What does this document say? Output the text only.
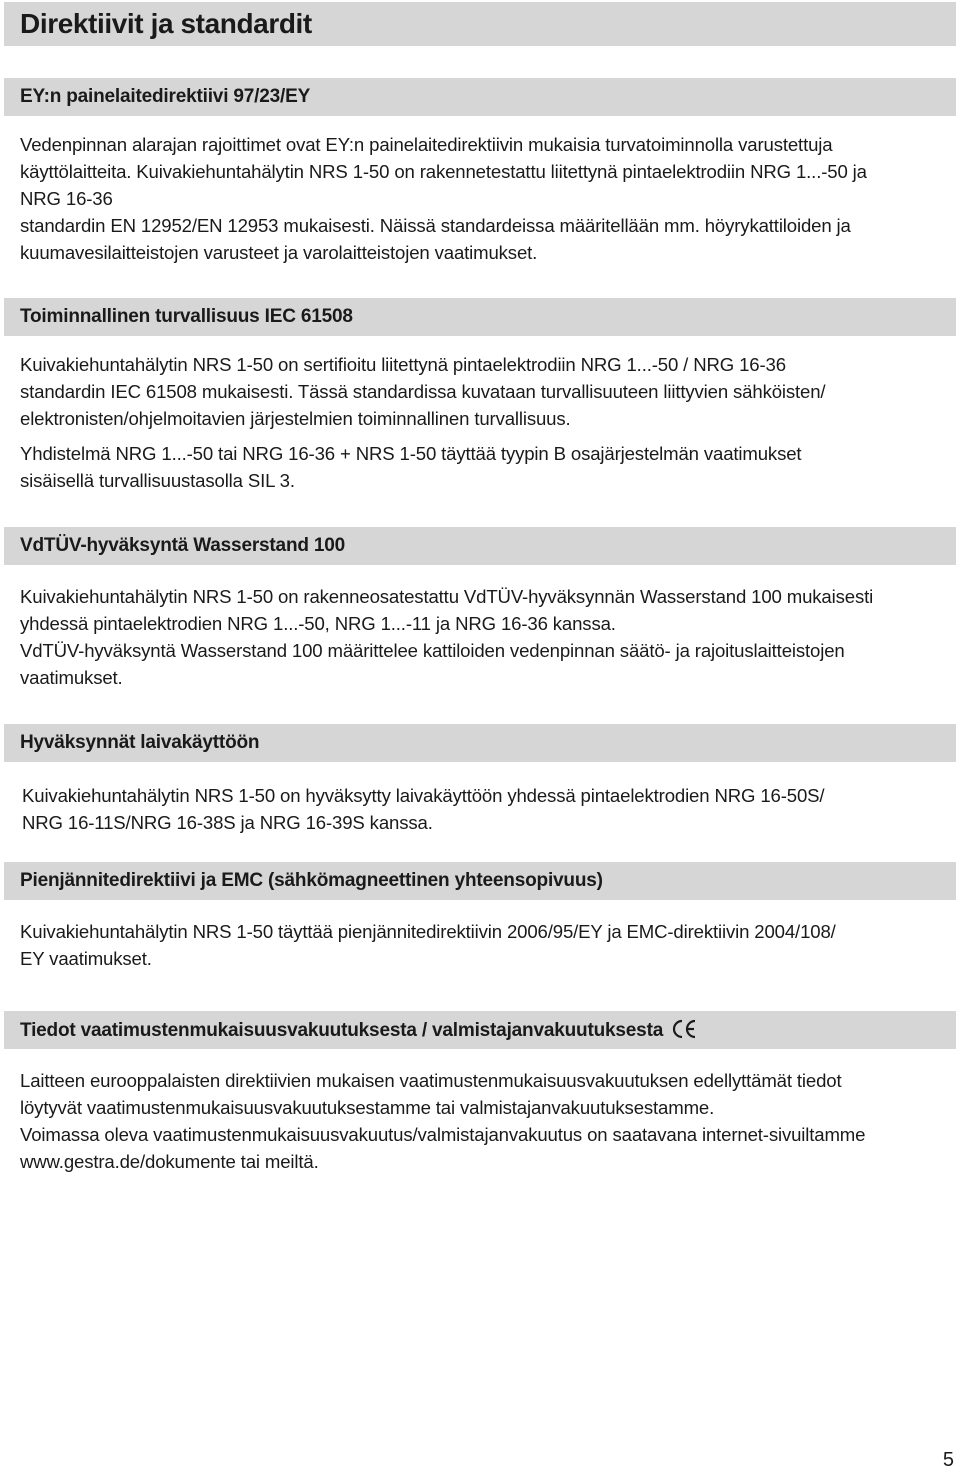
Direktiivit ja standardit
EY:n painelaitedirektiivi 97/23/EY
Vedenpinnan alarajan rajoittimet ovat EY:n painelaitedirektiivin mukaisia turvatoiminnolla varustettuja
käyttölaitteita. Kuivakiehuntahälytin NRS 1-50 on rakennetestattu liitettynä pintaelektrodiin NRG 1...-50 ja
NRG 16-36
standardin EN 12952/EN 12953 mukaisesti. Näissä standardeissa määritellään mm. höyrykattiloiden ja
kuumavesilaitteistojen varusteet ja varolaitteistojen vaatimukset.
Toiminnallinen turvallisuus IEC 61508
Kuivakiehuntahälytin NRS 1-50 on sertifioitu liitettynä pintaelektrodiin NRG 1...-50 / NRG 16-36
standardin IEC 61508 mukaisesti. Tässä standardissa kuvataan turvallisuuteen liittyvien sähköisten/
elektronisten/ohjelmoitavien järjestelmien toiminnallinen turvallisuus.
Yhdistelmä NRG 1...-50 tai NRG 16-36 + NRS 1-50 täyttää tyypin B osajärjestelmän vaatimukset
sisäisellä turvallisuustasolla SIL 3.
VdTÜV-hyväksyntä Wasserstand 100
Kuivakiehuntahälytin NRS 1-50 on rakenneosatestattu VdTÜV-hyväksynnän Wasserstand 100 mukaisesti
yhdessä pintaelektrodien NRG 1...-50, NRG 1...-11 ja NRG 16-36 kanssa.
VdTÜV-hyväksyntä Wasserstand 100 määrittelee kattiloiden vedenpinnan säätö- ja rajoituslaitteistojen
vaatimukset.
Hyväksynnät laivakäyttöön
Kuivakiehuntahälytin NRS 1-50 on hyväksytty laivakäyttöön yhdessä pintaelektrodien NRG 16-50S/
NRG 16-11S/NRG 16-38S ja NRG 16-39S kanssa.
Pienjännitedirektiivi ja EMC (sähkömagneettinen yhteensopivuus)
Kuivakiehuntahälytin NRS 1-50 täyttää pienjännitedirektiivin 2006/95/EY ja EMC-direktiivin 2004/108/
EY vaatimukset.
Tiedot vaatimustenmukaisuusvakuutuksesta / valmistajanvakuutuksesta
Laitteen eurooppalaisten direktiivien mukaisen vaatimustenmukaisuusvakuutuksen edellyttämät tiedot
löytyvät vaatimustenmukaisuusvakuutuksestamme tai valmistajanvakuutuksestamme.
Voimassa oleva vaatimustenmukaisuusvakuutus/valmistajanvakuutus on saatavana internet-sivuiltamme
www.gestra.de/dokumente tai meiltä.
5
